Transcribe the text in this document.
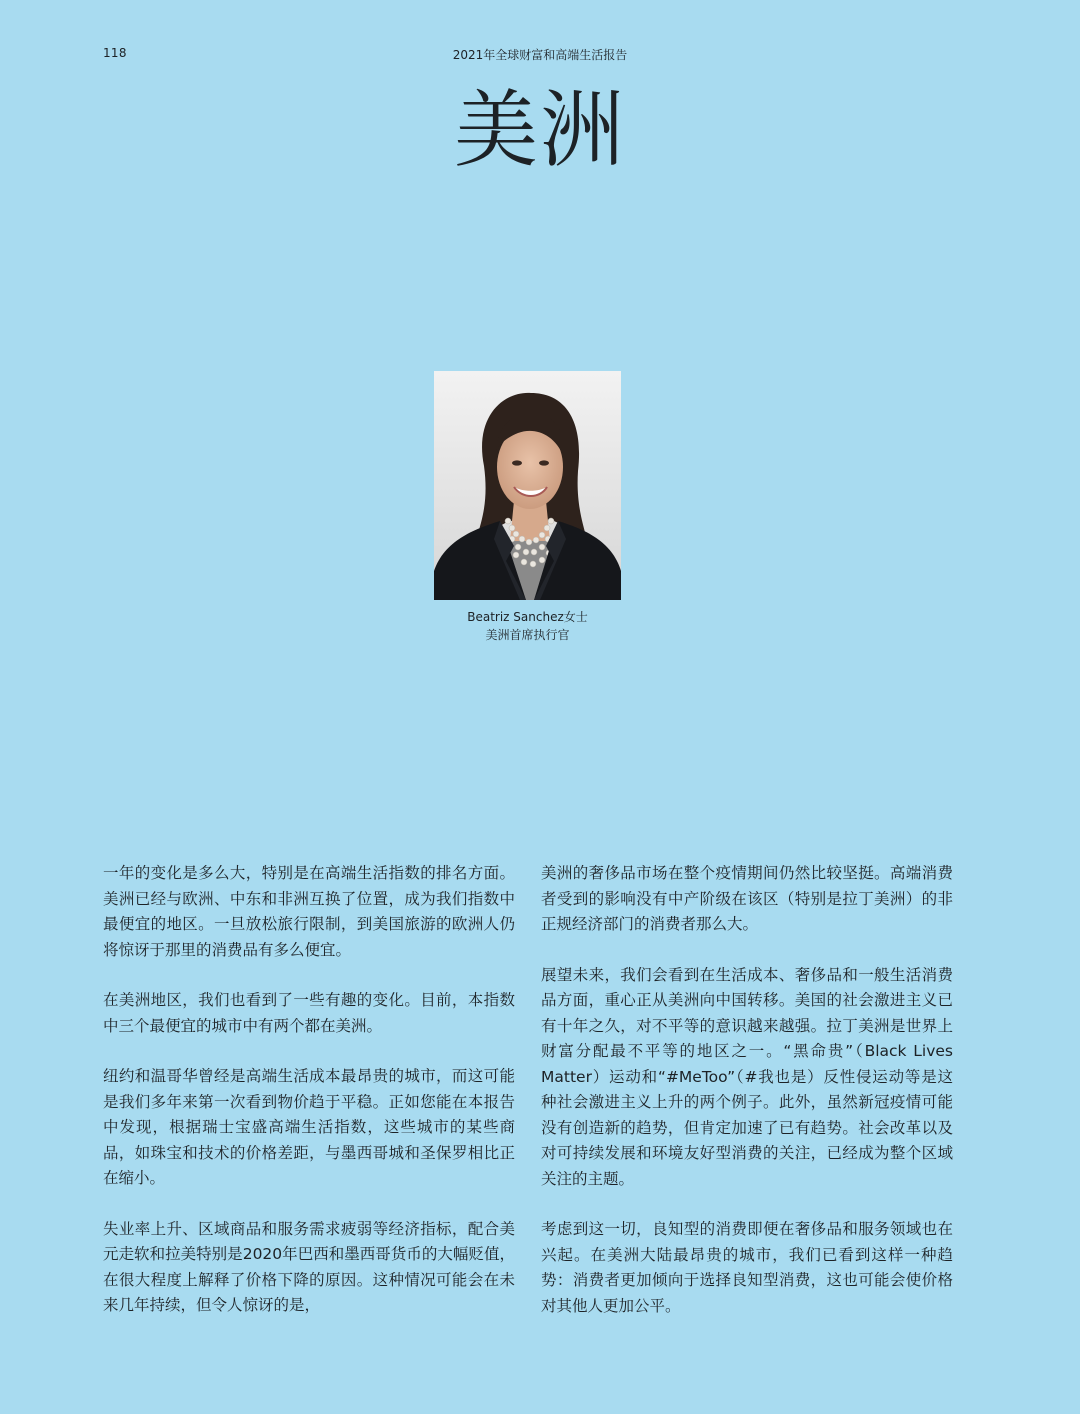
118	2021年全球财富和高端生活报告
美洲
Beatriz Sanchez女士
美洲首席执行官

一年的变化是多么大，特别是在高端生活指数的排名方面。美洲已经与欧洲、中东和非洲互换了位置，成为我们指数中最便宜的地区。一旦放松旅行限制，到美国旅游的欧洲人仍将惊讶于那里的消费品有多么便宜。

在美洲地区，我们也看到了一些有趣的变化。目前，本指数中三个最便宜的城市中有两个都在美洲。

纽约和温哥华曾经是高端生活成本最昂贵的城市，而这可能是我们多年来第一次看到物价趋于平稳。正如您能在本报告中发现，根据瑞士宝盛高端生活指数，这些城市的某些商品，如珠宝和技术的价格差距，与墨西哥城和圣保罗相比正在缩小。

失业率上升、区域商品和服务需求疲弱等经济指标，配合美元走软和拉美特别是2020年巴西和墨西哥货币的大幅贬值，在很大程度上解释了价格下降的原因。这种情况可能会在未来几年持续，但令人惊讶的是，

美洲的奢侈品市场在整个疫情期间仍然比较坚挺。高端消费者受到的影响没有中产阶级在该区（特别是拉丁美洲）的非正规经济部门的消费者那么大。

展望未来，我们会看到在生活成本、奢侈品和一般生活消费品方面，重心正从美洲向中国转移。美国的社会激进主义已有十年之久，对不平等的意识越来越强。拉丁美洲是世界上财富分配最不平等的地区之一。“黑命贵”（Black Lives Matter）运动和“#MeToo”（#我也是）反性侵运动等是这种社会激进主义上升的两个例子。此外，虽然新冠疫情可能没有创造新的趋势，但肯定加速了已有趋势。社会改革以及对可持续发展和环境友好型消费的关注，已经成为整个区域关注的主题。

考虑到这一切，良知型的消费即便在奢侈品和服务领域也在兴起。在美洲大陆最昂贵的城市，我们已看到这样一种趋势：消费者更加倾向于选择良知型消费，这也可能会使价格对其他人更加公平。
